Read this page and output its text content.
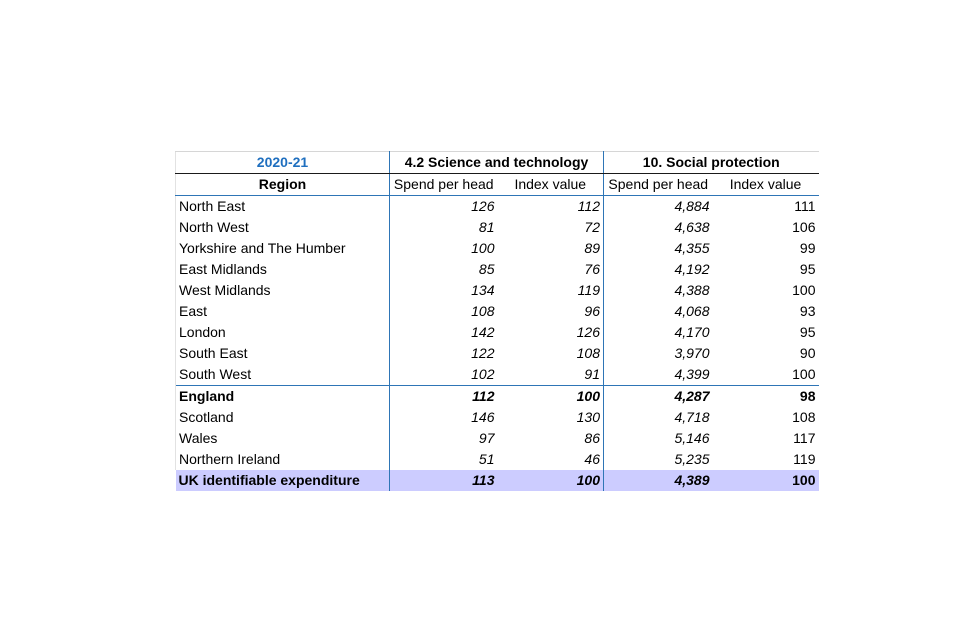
2020-21	4.2 Science and technology		10. Social protection	
Region	Spend per head	Index value	Spend per head	Index value
North East	126	112	4,884	111
North West	81	72	4,638	106
Yorkshire and The Humber	100	89	4,355	99
East Midlands	85	76	4,192	95
West Midlands	134	119	4,388	100
East	108	96	4,068	93
London	142	126	4,170	95
South East	122	108	3,970	90
South West	102	91	4,399	100
England	112	100	4,287	98
Scotland	146	130	4,718	108
Wales	97	86	5,146	117
Northern Ireland	51	46	5,235	119
UK identifiable expenditure	113	100	4,389	100
